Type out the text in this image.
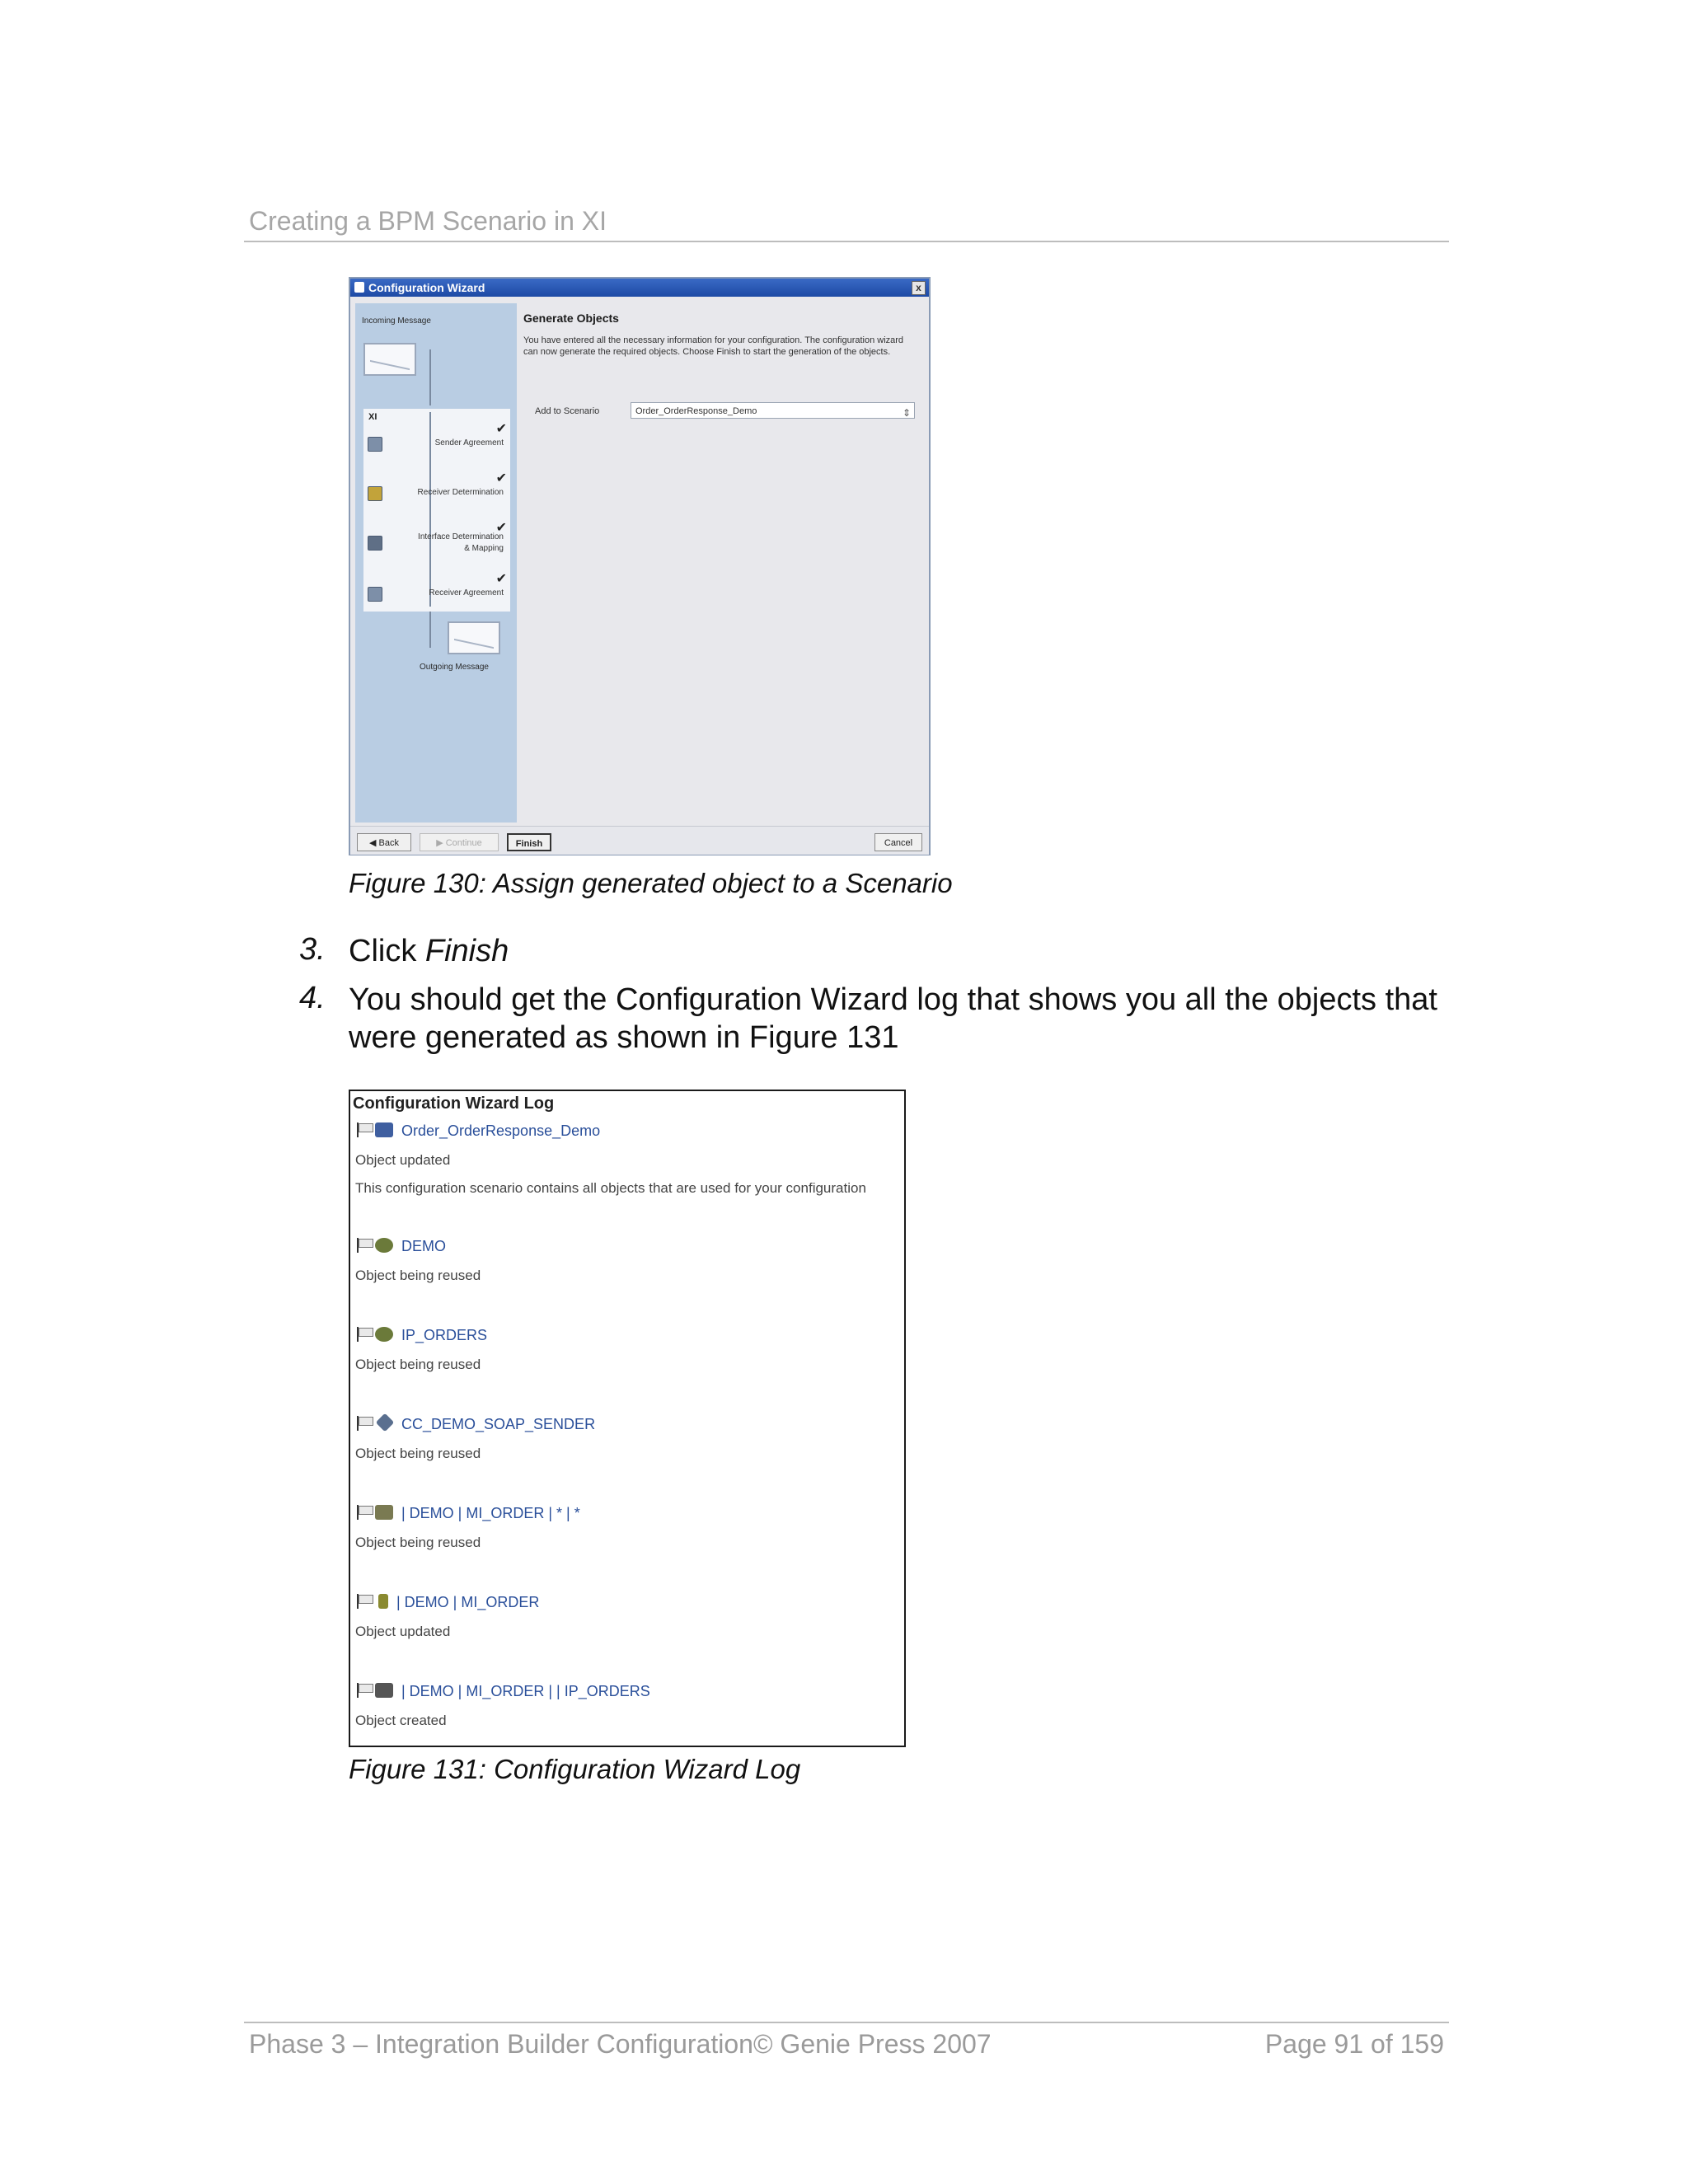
Creating a BPM Scenario in XI
Configuration Wizard	x
Incoming Message
XI
✔
Sender Agreement
✔
Receiver Determination
✔
Interface Determination
& Mapping
✔
Receiver Agreement
Outgoing Message
Generate Objects
You have entered all the necessary information for your configuration. The configuration wizard can now generate the required objects. Choose Finish to start the generation of the objects.
Add to Scenario	Order_OrderResponse_Demo	⇕
◀ Back	▶ Continue	Finish	Cancel
Figure 130: Assign generated object to a Scenario
3. Click Finish
4. You should get the Configuration Wizard log that shows you all the objects that were generated as shown in Figure 131
Configuration Wizard Log
Order_OrderResponse_Demo
Object updated
This configuration scenario contains all objects that are used for your configuration
DEMO
Object being reused
IP_ORDERS
Object being reused
CC_DEMO_SOAP_SENDER
Object being reused
| DEMO | MI_ORDER | * | *
Object being reused
| DEMO | MI_ORDER
Object updated
| DEMO | MI_ORDER | | IP_ORDERS
Object created
Figure 131: Configuration Wizard Log
Phase 3 – Integration Builder Configuration© Genie Press 2007	Page 91 of 159
